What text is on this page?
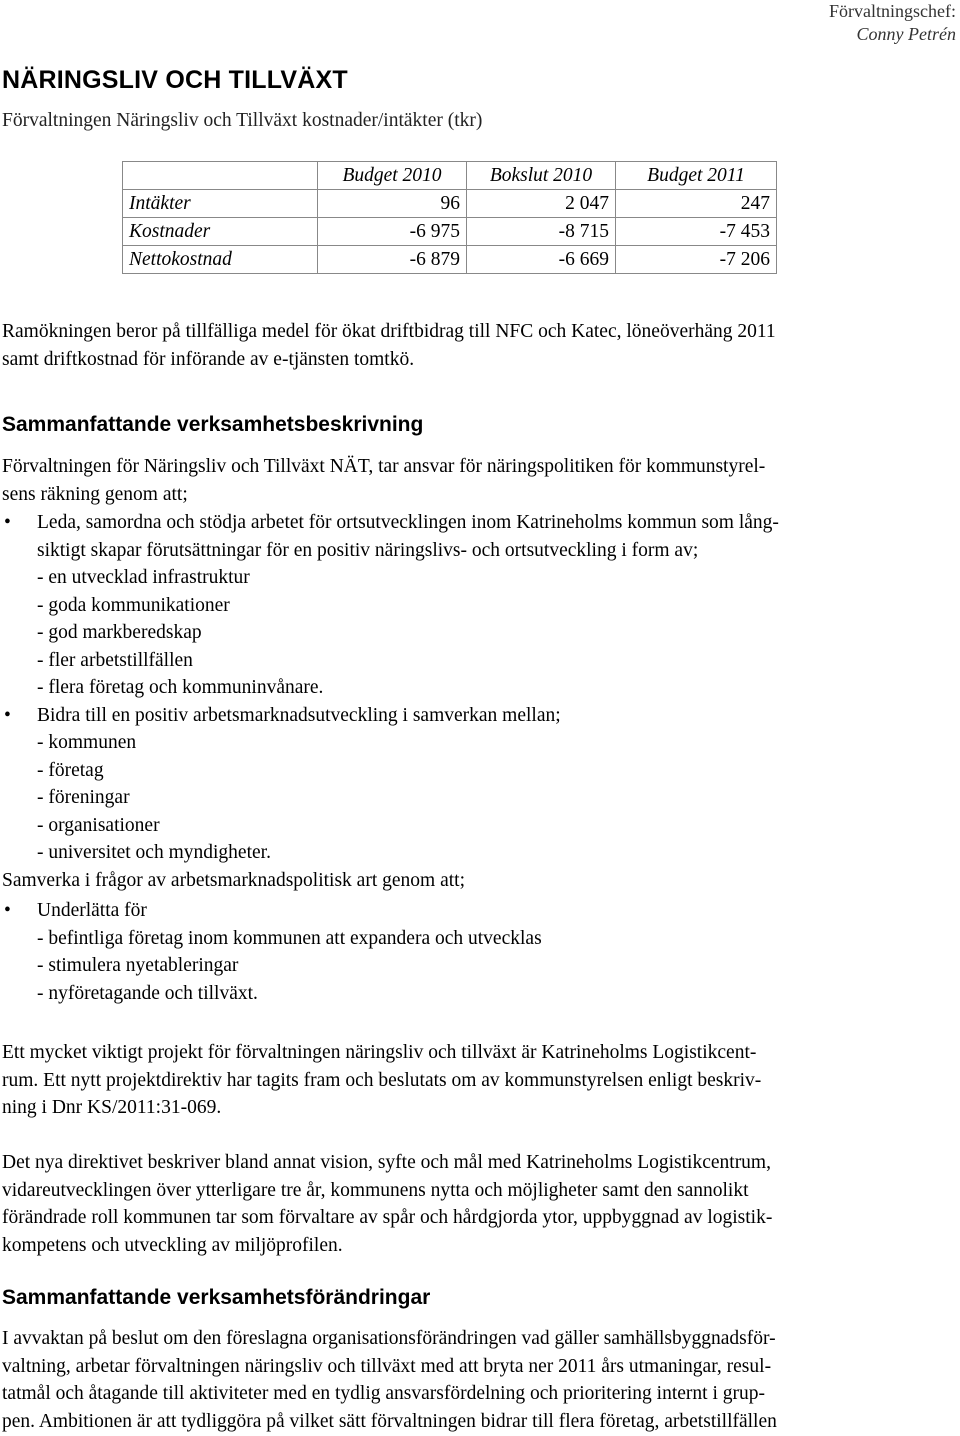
Förvaltningschef:
Conny Petrén
NÄRINGSLIV OCH TILLVÄXT
Förvaltningen Näringsliv och Tillväxt kostnader/intäkter (tkr)
	Budget 2010	Bokslut 2010	Budget 2011
Intäkter	96	2 047	247
Kostnader	-6 975	-8 715	-7 453
Nettokostnad	-6 879	-6 669	-7 206
Ramökningen beror på tillfälliga medel för ökat driftbidrag till NFC och Katec, löneöverhäng 2011
samt driftkostnad för införande av e-tjänsten tomtkö.
Sammanfattande verksamhetsbeskrivning
Förvaltningen för Näringsliv och Tillväxt NÄT, tar ansvar för näringspolitiken för kommunstyrel-
sens räkning genom att;
•	Leda, samordna och stödja arbetet för ortsutvecklingen inom Katrineholms kommun som lång-
siktigt skapar förutsättningar för en positiv näringslivs- och ortsutveckling i form av;
- en utvecklad infrastruktur
- goda kommunikationer
- god markberedskap
- fler arbetstillfällen
- flera företag och kommuninvånare.
•	Bidra till en positiv arbetsmarknadsutveckling i samverkan mellan;
- kommunen
- företag
- föreningar
- organisationer
- universitet och myndigheter.
Samverka i frågor av arbetsmarknadspolitisk art genom att;
•	Underlätta för
- befintliga företag inom kommunen att expandera och utvecklas
- stimulera nyetableringar
- nyföretagande och tillväxt.
Ett mycket viktigt projekt för förvaltningen näringsliv och tillväxt är Katrineholms Logistikcent-
rum. Ett nytt projektdirektiv har tagits fram och beslutats om av kommunstyrelsen enligt beskriv-
ning i Dnr KS/2011:31-069.
Det nya direktivet beskriver bland annat vision, syfte och mål med Katrineholms Logistikcentrum,
vidareutvecklingen över ytterligare tre år, kommunens nytta och möjligheter samt den sannolikt
förändrade roll kommunen tar som förvaltare av spår och hårdgjorda ytor, uppbyggnad av logistik-
kompetens och utveckling av miljöprofilen.
Sammanfattande verksamhetsförändringar
I avvaktan på beslut om den föreslagna organisationsförändringen vad gäller samhällsbyggnadsför-
valtning, arbetar förvaltningen näringsliv och tillväxt med att bryta ner 2011 års utmaningar, resul-
tatmål och åtagande till aktiviteter med en tydlig ansvarsfördelning och prioritering internt i grup-
pen. Ambitionen är att tydliggöra på vilket sätt förvaltningen bidrar till flera företag, arbetstillfällen
